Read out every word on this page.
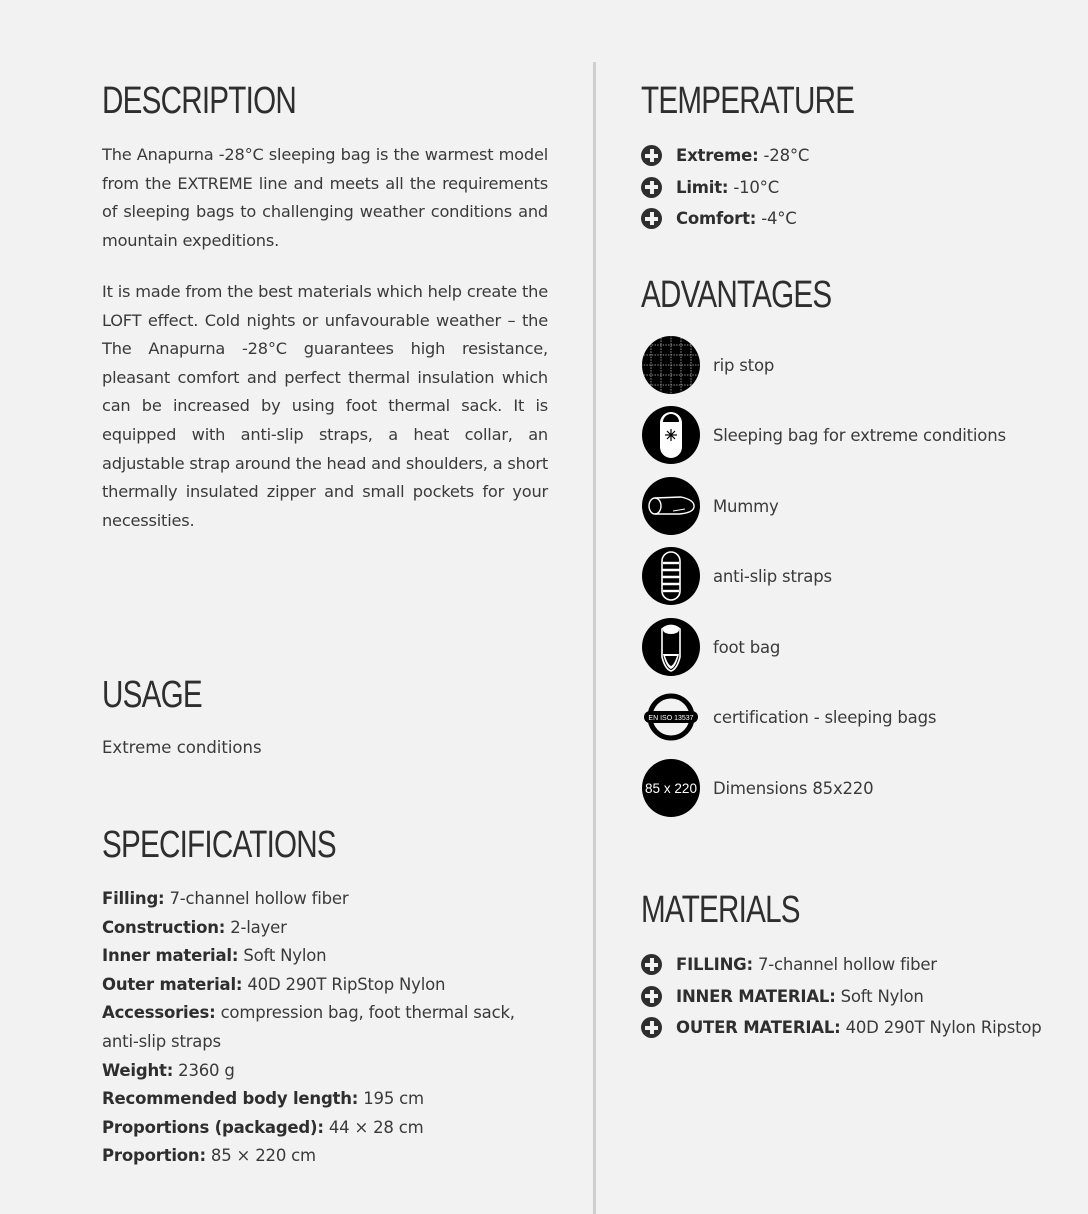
DESCRIPTION

The Anapurna -28°C sleeping bag is the warmest model from the EXTREME line and meets all the requirements of sleeping bags to challenging weather conditions and mountain expeditions.

It is made from the best materials which help create the LOFT effect. Cold nights or unfavourable weather – the The Anapurna -28°C guarantees high resistance, pleasant comfort and perfect thermal insulation which can be increased by using foot thermal sack. It is equipped with anti-slip straps, a heat collar, an adjustable strap around the head and shoulders, a short thermally insulated zipper and small pockets for your necessities.

USAGE
Extreme conditions
SPECIFICATIONS
Filling: 7-channel hollow fiber
Construction: 2-layer
Inner material: Soft Nylon
Outer material: 40D 290T RipStop Nylon
Accessories: compression bag, foot thermal sack, anti-slip straps
Weight: 2360 g
Recommended body length: 195 cm
Proportions (packaged): 44 × 28 cm
Proportion: 85 × 220 cm
TEMPERATURE
Extreme: -28°C
Limit: -10°C
Comfort: -4°C
ADVANTAGES
rip stop
Sleeping bag for extreme conditions
Mummy
anti-slip straps
foot bag
EN ISO 13537 certification - sleeping bags
85 x 220 Dimensions 85x220
MATERIALS
FILLING: 7-channel hollow fiber
INNER MATERIAL: Soft Nylon
OUTER MATERIAL: 40D 290T Nylon Ripstop
